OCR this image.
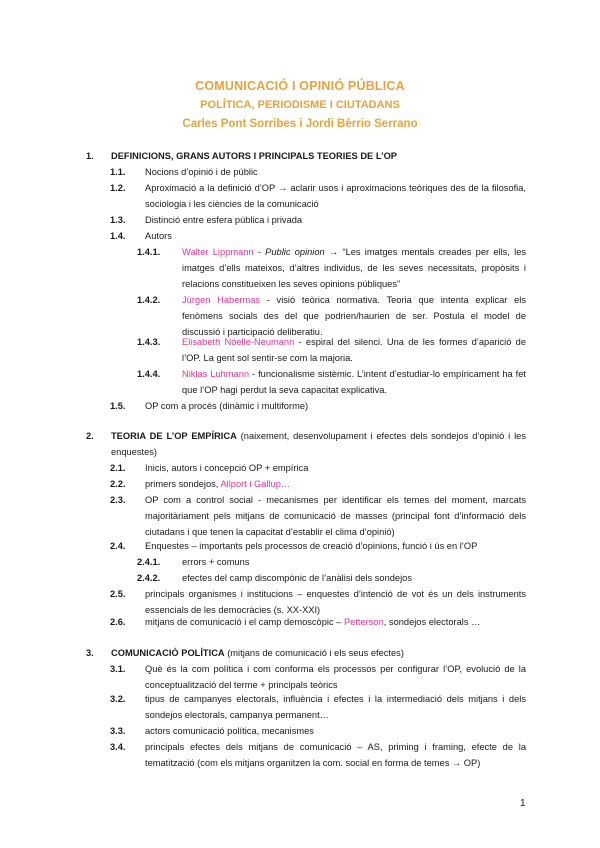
COMUNICACIÓ I OPINIÓ PÚBLICA
POLÍTICA, PERIODISME I CIUTADANS
Carles Pont Sorribes i Jordi Bèrrio Serrano
1. DEFINICIONS, GRANS AUTORS I PRINCIPALS TEORIES DE L’OP
1.1. Nocions d’opinió i de públic
1.2. Aproximació a la definició d’OP → aclarir usos i aproximacions teòriques des de la filosofia, sociologia i les ciències de la comunicació
1.3. Distinció entre esfera pública i privada
1.4. Autors
1.4.1. Walter Lippmann - Public opinion → “Les imatges mentals creades per ells, les imatges d’ells mateixos, d’altres individus, de les seves necessitats, propòsits i relacions constitueixen les seves opinions públiques”
1.4.2. Jürgen Habermas - visió teòrica normativa. Teoria que intenta explicar els fenòmens socials des del que podrien/haurien de ser. Postula el model de discussió i participació deliberatiu.
1.4.3. Elisabeth Nöelle-Neumann - espiral del silenci. Una de les formes d’aparició de l’OP. La gent sol sentir-se com la majoria.
1.4.4. Niklas Luhmann - funcionalisme sistèmic. L’intent d’estudiar-lo empíricament ha fet que l’OP hagi perdut la seva capacitat explicativa.
1.5. OP com a procés (dinàmic i multiforme)
2. TEORIA DE L’OP EMPÍRICA (naixement, desenvolupament i efectes dels sondejos d’opinió i les enquestes)
2.1. Inicis, autors i concepció OP + empírica
2.2. primers sondejos, Allport i Gallup…
2.3. OP com a control social - mecanismes per identificar els temes del moment, marcats majoritàriament pels mitjans de comunicació de masses (principal font d’informació dels ciutadans i que tenen la capacitat d’establir el clima d’opinió)
2.4. Enquestes – importants pels processos de creació d’opinions, funció i ús en l’OP
2.4.1. errors + comuns
2.4.2. efectes del camp discompònic de l’anàlisi dels sondejos
2.5. principals organismes i institucions – enquestes d’intenció de vot és un dels instruments essencials de les democràcies (s. XX-XXI)
2.6. mitjans de comunicació i el camp demoscòpic – Petterson, sondejos electorals …
3. COMUNICACIÓ POLÍTICA (mitjans de comunicació i els seus efectes)
3.1. Què és la com política i com conforma els processos per configurar l’OP, evolució de la conceptualització del terme + principals teòrics
3.2. tipus de campanyes electorals, influència i efectes i la intermediació dels mitjans i dels sondejos electorals, campanya permanent…
3.3. actors comunicació política, mecanismes
3.4. principals efectes dels mitjans de comunicació – AS, priming i framing, efecte de la tematització (com els mitjans organitzen la com. social en forma de temes → OP)
1
